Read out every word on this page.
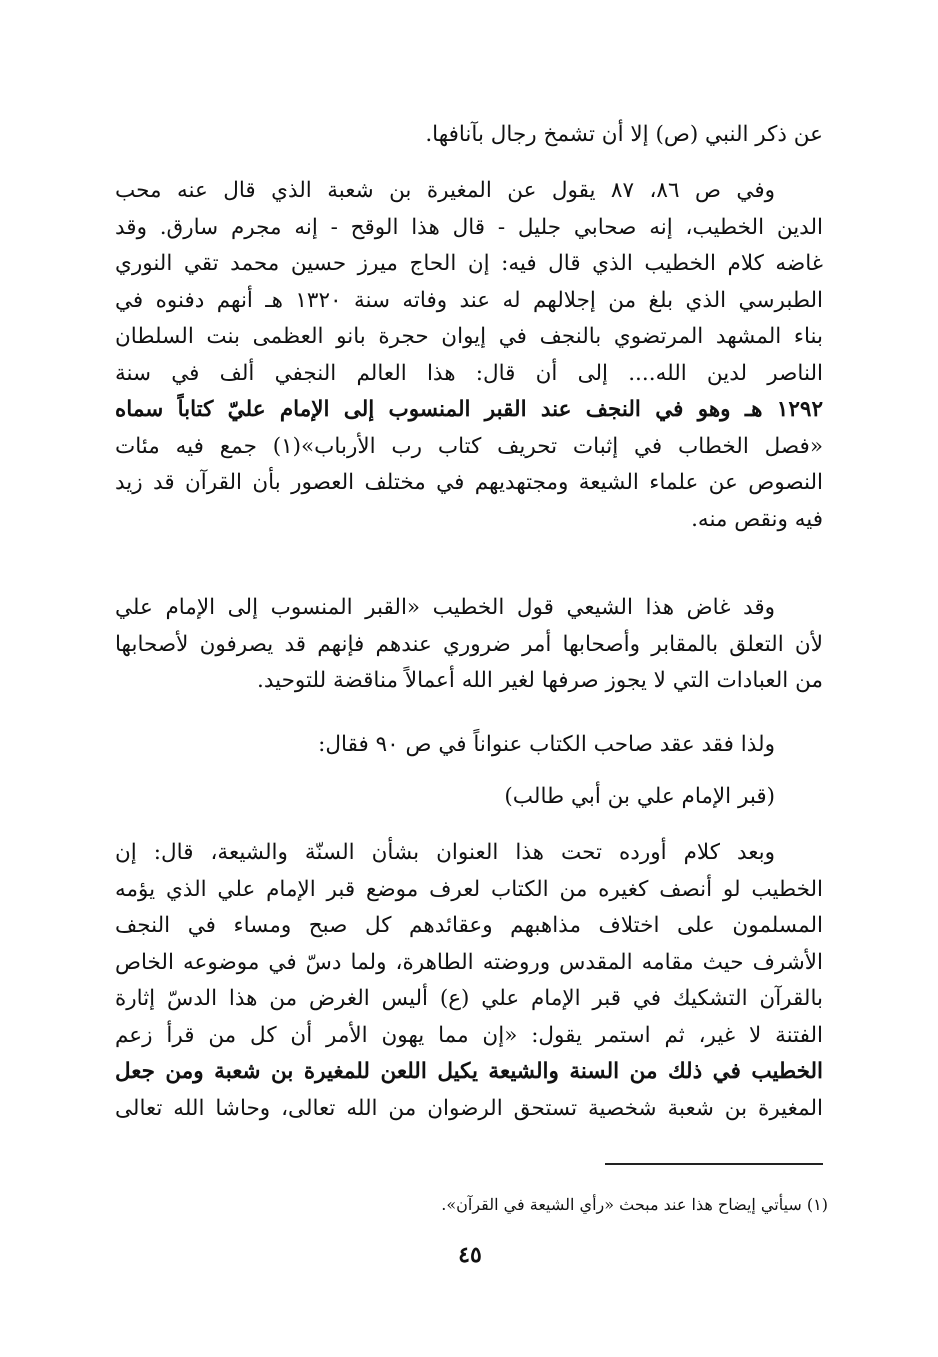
عن ذكر النبي (ص) إلا أن تشمخ رجال بآنافها.
وفي ص ٨٦، ٨٧ يقول عن المغيرة بن شعبة الذي قال عنه محب
الدين الخطيب، إنه صحابي جليل - قال هذا الوقح - إنه مجرم سارق. وقد
غاضه كلام الخطيب الذي قال فيه: إن الحاج ميرز حسين محمد تقي النوري
الطبرسي الذي بلغ من إجلالهم له عند وفاته سنة ١٣٢٠ هـ أنهم دفنوه في
بناء المشهد المرتضوي بالنجف في إيوان حجرة بانو العظمى بنت السلطان
الناصر لدين الله.... إلى أن قال: هذا العالم النجفي ألف في سنة
١٢٩٢ هـ وهو في النجف عند القبر المنسوب إلى الإمام عليّ كتاباً سماه
«فصل الخطاب في إثبات تحريف كتاب رب الأرباب»(١) جمع فيه مئات
النصوص عن علماء الشيعة ومجتهديهم في مختلف العصور بأن القرآن قد زيد
فيه ونقص منه.
وقد غاض هذا الشيعي قول الخطيب «القبر المنسوب إلى الإمام علي
لأن التعلق بالمقابر وأصحابها أمر ضروري عندهم فإنهم قد يصرفون لأصحابها
من العبادات التي لا يجوز صرفها لغير الله أعمالاً مناقضة للتوحيد.
ولذا فقد عقد صاحب الكتاب عنواناً في ص ٩٠ فقال:
(قبر الإمام علي بن أبي طالب)
وبعد كلام أورده تحت هذا العنوان بشأن السنّة والشيعة، قال: إن
الخطيب لو أنصف كغيره من الكتاب لعرف موضع قبر الإمام علي الذي يؤمه
المسلمون على اختلاف مذاهبهم وعقائدهم كل صبح ومساء في النجف
الأشرف حيث مقامه المقدس وروضته الطاهرة، ولما دسّ في موضوعه الخاص
بالقرآن التشكيك في قبر الإمام علي (ع) أليس الغرض من هذا الدسّ إثارة
الفتنة لا غير، ثم استمر يقول: «إن مما يهون الأمر أن كل من قرأ زعم
الخطيب في ذلك من السنة والشيعة يكيل اللعن للمغيرة بن شعبة ومن جعل
المغيرة بن شعبة شخصية تستحق الرضوان من الله تعالى، وحاشا الله تعالى
(١) سيأتي إيضاح هذا عند مبحث «رأي الشيعة في القرآن».
٤٥
